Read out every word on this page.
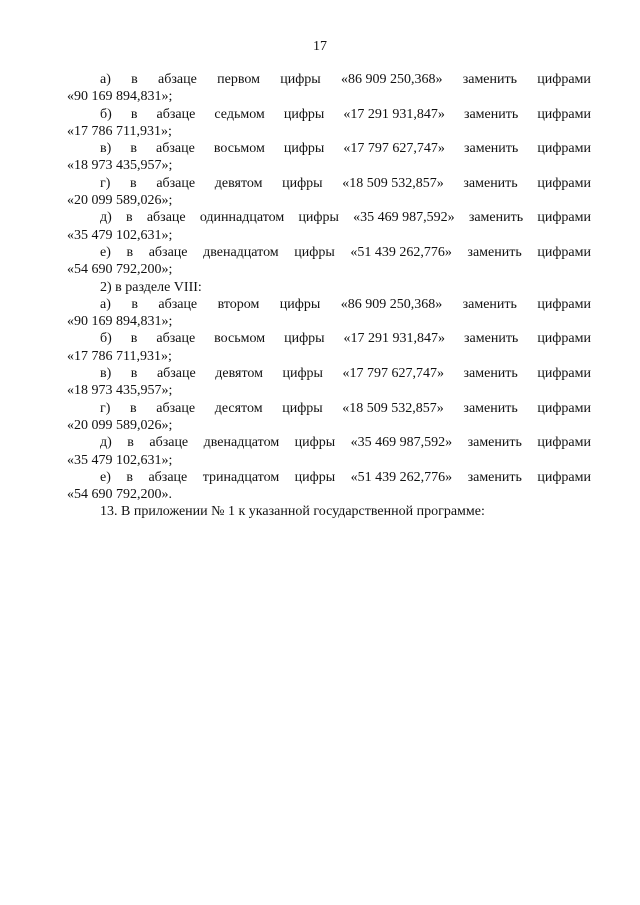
17
а) в абзаце первом цифры «86 909 250,368» заменить цифрами
«90 169 894,831»;
б) в абзаце седьмом цифры «17 291 931,847» заменить цифрами
«17 786 711,931»;
в) в абзаце восьмом цифры «17 797 627,747» заменить цифрами
«18 973 435,957»;
г) в абзаце девятом цифры «18 509 532,857» заменить цифрами
«20 099 589,026»;
д) в абзаце одиннадцатом цифры «35 469 987,592» заменить цифрами
«35 479 102,631»;
е) в абзаце двенадцатом цифры «51 439 262,776» заменить цифрами
«54 690 792,200»;
2) в разделе VIII:
а) в абзаце втором цифры «86 909 250,368» заменить цифрами
«90 169 894,831»;
б) в абзаце восьмом цифры «17 291 931,847» заменить цифрами
«17 786 711,931»;
в) в абзаце девятом цифры «17 797 627,747» заменить цифрами
«18 973 435,957»;
г) в абзаце десятом цифры «18 509 532,857» заменить цифрами
«20 099 589,026»;
д) в абзаце двенадцатом цифры «35 469 987,592» заменить цифрами
«35 479 102,631»;
е) в абзаце тринадцатом цифры «51 439 262,776» заменить цифрами
«54 690 792,200».
13. В приложении № 1 к указанной государственной программе:
